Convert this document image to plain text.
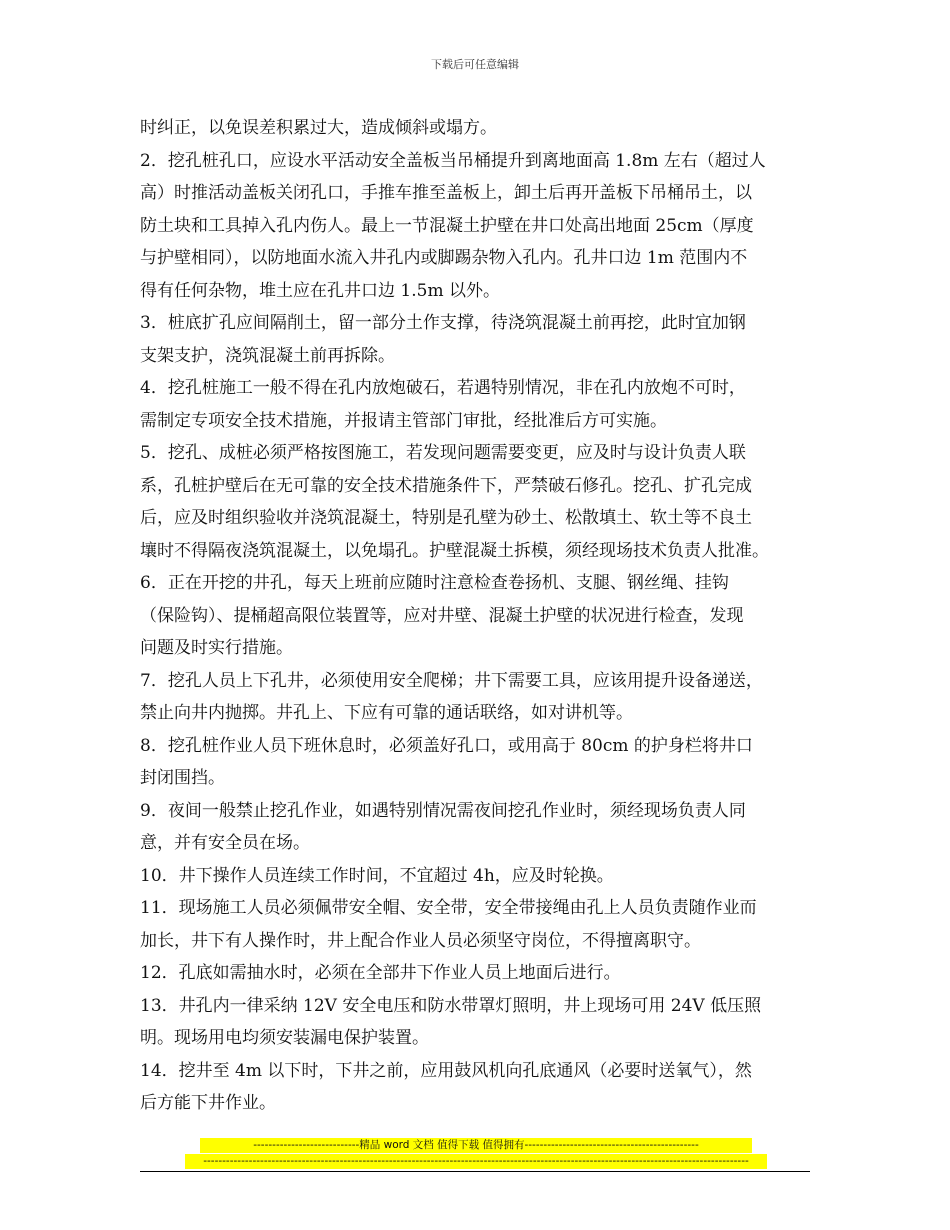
下载后可任意编辑
时纠正，以免误差积累过大，造成倾斜或塌方。
2．挖孔桩孔口，应设水平活动安全盖板当吊桶提升到离地面高 1.8m 左右（超过人
高）时推活动盖板关闭孔口，手推车推至盖板上，卸土后再开盖板下吊桶吊土，以
防土块和工具掉入孔内伤人。最上一节混凝土护壁在井口处高出地面 25cm（厚度
与护壁相同），以防地面水流入井孔内或脚踢杂物入孔内。孔井口边 1m 范围内不
得有任何杂物，堆土应在孔井口边 1.5m 以外。
3．桩底扩孔应间隔削土，留一部分土作支撑，待浇筑混凝土前再挖，此时宜加钢
支架支护，浇筑混凝土前再拆除。
4．挖孔桩施工一般不得在孔内放炮破石，若遇特别情况，非在孔内放炮不可时，
需制定专项安全技术措施，并报请主管部门审批，经批准后方可实施。
5．挖孔、成桩必须严格按图施工，若发现问题需要变更，应及时与设计负责人联
系，孔桩护壁后在无可靠的安全技术措施条件下，严禁破石修孔。挖孔、扩孔完成
后，应及时组织验收并浇筑混凝土，特别是孔壁为砂土、松散填土、软土等不良土
壤时不得隔夜浇筑混凝土，以免塌孔。护壁混凝土拆模，须经现场技术负责人批准。
6．正在开挖的井孔，每天上班前应随时注意检查卷扬机、支腿、钢丝绳、挂钩
（保险钩）、提桶超高限位装置等，应对井壁、混凝土护壁的状况进行检查，发现
问题及时实行措施。
7．挖孔人员上下孔井，必须使用安全爬梯；井下需要工具，应该用提升设备递送，
禁止向井内抛掷。井孔上、下应有可靠的通话联络，如对讲机等。
8．挖孔桩作业人员下班休息时，必须盖好孔口，或用高于 80cm 的护身栏将井口
封闭围挡。
9．夜间一般禁止挖孔作业，如遇特别情况需夜间挖孔作业时，须经现场负责人同
意，并有安全员在场。
10．井下操作人员连续工作时间，不宜超过 4h，应及时轮换。
11．现场施工人员必须佩带安全帽、安全带，安全带接绳由孔上人员负责随作业而
加长，井下有人操作时，井上配合作业人员必须坚守岗位，不得擅离职守。
12．孔底如需抽水时，必须在全部井下作业人员上地面后进行。
13．井孔内一律采纳 12V 安全电压和防水带罩灯照明，井上现场可用 24V 低压照
明。现场用电均须安装漏电保护装置。
14．挖井至 4m 以下时，下井之前，应用鼓风机向孔底通风（必要时送氧气），然
后方能下井作业。
----------------------------精品 word 文档 值得下载 值得拥有----------------------------------------------
------------------------------------------------------------------------------------------------------------------------------------------------
